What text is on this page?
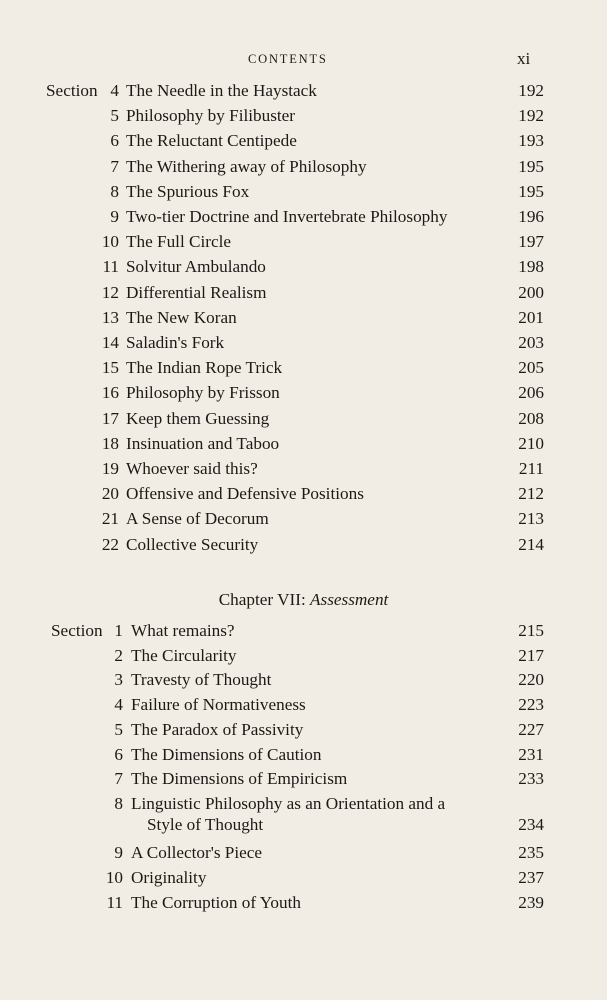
CONTENTS	xi
Section 4 The Needle in the Haystack	192
5 Philosophy by Filibuster	192
6 The Reluctant Centipede	193
7 The Withering away of Philosophy	195
8 The Spurious Fox	195
9 Two-tier Doctrine and Invertebrate Philosophy	196
10 The Full Circle	197
11 Solvitur Ambulando	198
12 Differential Realism	200
13 The New Koran	201
14 Saladin's Fork	203
15 The Indian Rope Trick	205
16 Philosophy by Frisson	206
17 Keep them Guessing	208
18 Insinuation and Taboo	210
19 Whoever said this?	211
20 Offensive and Defensive Positions	212
21 A Sense of Decorum	213
22 Collective Security	214
Chapter VII: Assessment
Section 1 What remains?	215
2 The Circularity	217
3 Travesty of Thought	220
4 Failure of Normativeness	223
5 The Paradox of Passivity	227
6 The Dimensions of Caution	231
7 The Dimensions of Empiricism	233
8 Linguistic Philosophy as an Orientation and a
Style of Thought	234
9 A Collector's Piece	235
10 Originality	237
11 The Corruption of Youth	239
